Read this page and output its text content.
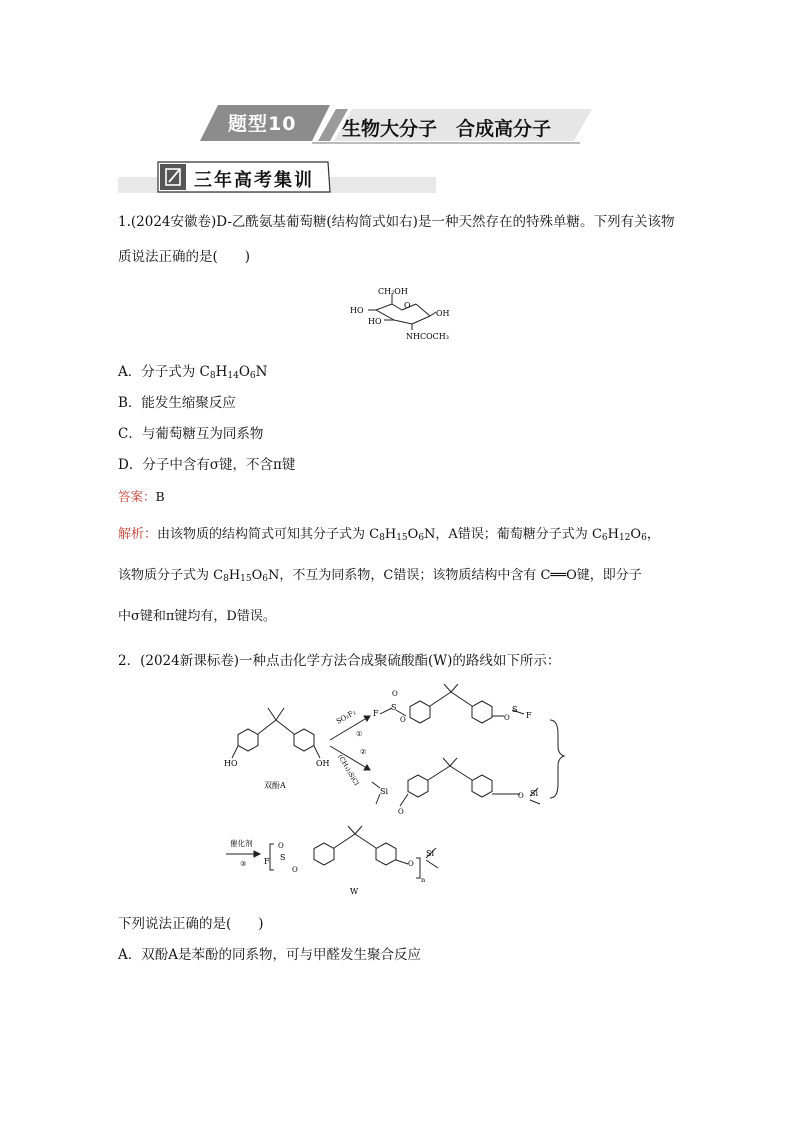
题型10 生物大分子　合成高分子
三年高考集训
1.(2024安徽卷)D-乙酰氨基葡萄糖(结构简式如右)是一种天然存在的特殊单糖。下列有关该物
质说法正确的是(　　)
CH₂OH
HO
HO
O
OH
NHCOCH₃
A．分子式为 $C_8H_{14}O_6N$
B．能发生缩聚反应
C．与葡萄糖互为同系物
D．分子中含有σ键，不含π键
答案：B
解析：由该物质的结构简式可知其分子式为 $C_8H_{15}O_6N$，A错误；葡萄糖分子式为 $C_6H_{12}O_6$，
该物质分子式为 $C_8H_{15}O_6N$，不互为同系物，C错误；该物质结构中含有 C══O键，即分子
中σ键和π键均有，D错误。
2．(2024新课标卷)一种点击化学方法合成聚硫酸酯(W)的路线如下所示：
HO	OH
双酚A
SO₂F₂
①
②
(CH₃)₃SiCl
F
S
O
O	O
S
F
Si
O
O Si
催化剂
③ F S
O
O
O
n
Si
W
下列说法正确的是(　　)
A．双酚A是苯酚的同系物，可与甲醛发生聚合反应
